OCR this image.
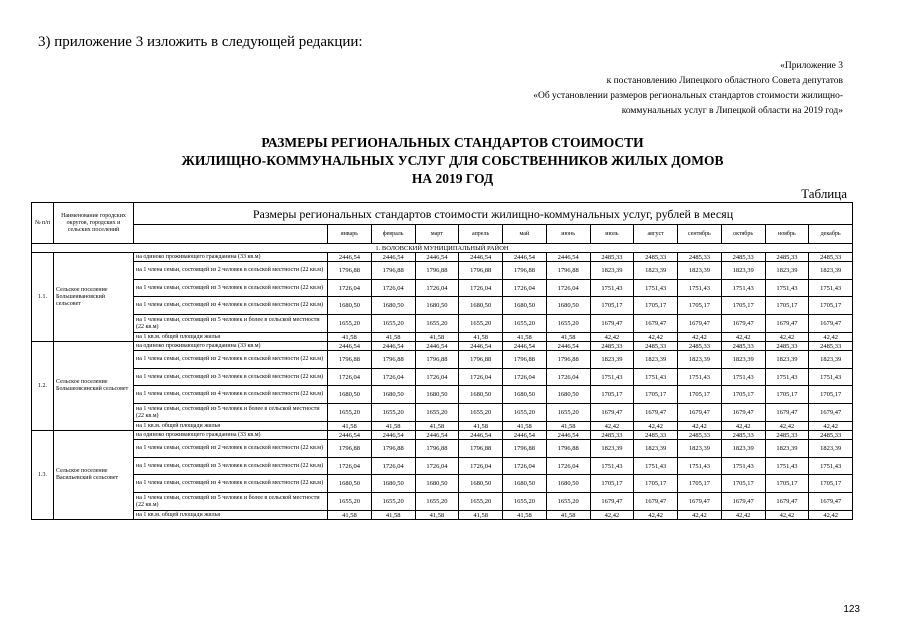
3) приложение 3 изложить в следующей редакции:
«Приложение 3
к постановлению Липецкого областного Совета депутатов
«Об установлении размеров региональных стандартов стоимости жилищно-
коммунальных услуг в Липецкой области на 2019 год»
РАЗМЕРЫ РЕГИОНАЛЬНЫХ СТАНДАРТОВ СТОИМОСТИ
ЖИЛИЩНО-КОММУНАЛЬНЫХ УСЛУГ ДЛЯ СОБСТВЕННИКОВ ЖИЛЫХ ДОМОВ
НА 2019 ГОД
Таблица
№ п/п	Наименование городских округов, городских и сельских поселений	Размеры региональных стандартов стоимости жилищно-коммунальных услуг, рублей в месяц												
			январь	февраль	март	апрель	май	июнь	июль	август	сентябрь	октябрь	ноябрь	декабрь
1. ВОЛОВСКИЙ МУНИЦИПАЛЬНЫЙ РАЙОН														
1.1.	Сельское поселение Большеивановский сельсовет	на одиноко проживающего гражданина (33 кв.м)	2446,54	2446,54	2446,54	2446,54	2446,54	2446,54	2485,33	2485,33	2485,33	2485,33	2485,33	2485,33
		на 1 члена семьи, состоящей из 2 человек в сельской местности (22 кв.м)	1796,88	1796,88	1796,88	1796,88	1796,88	1796,88	1823,39	1823,39	1823,39	1823,39	1823,39	1823,39
		на 1 члена семьи, состоящей из 3 человек в сельской местности (22 кв.м)	1726,04	1726,04	1726,04	1726,04	1726,04	1726,04	1751,43	1751,43	1751,43	1751,43	1751,43	1751,43
		на 1 члена семьи, состоящей из 4 человек в сельской местности (22 кв.м)	1680,50	1680,50	1680,50	1680,50	1680,50	1680,50	1705,17	1705,17	1705,17	1705,17	1705,17	1705,17
		на 1 члена семьи, состоящей из 5 человек и более в сельской местности (22 кв.м)	1655,20	1655,20	1655,20	1655,20	1655,20	1655,20	1679,47	1679,47	1679,47	1679,47	1679,47	1679,47
		на 1 кв.м. общей площади жилья	41,58	41,58	41,58	41,58	41,58	41,58	42,42	42,42	42,42	42,42	42,42	42,42
1.2.	Сельское поселение Большеовсянский сельсовет	на одиноко проживающего гражданина (33 кв.м)	2446,54	2446,54	2446,54	2446,54	2446,54	2446,54	2485,33	2485,33	2485,33	2485,33	2485,33	2485,33
		на 1 члена семьи, состоящей из 2 человек в сельской местности (22 кв.м)	1796,88	1796,88	1796,88	1796,88	1796,88	1796,88	1823,39	1823,39	1823,39	1823,39	1823,39	1823,39
		на 1 члена семьи, состоящей из 3 человек в сельской местности (22 кв.м)	1726,04	1726,04	1726,04	1726,04	1726,04	1726,04	1751,43	1751,43	1751,43	1751,43	1751,43	1751,43
		на 1 члена семьи, состоящей из 4 человек в сельской местности (22 кв.м)	1680,50	1680,50	1680,50	1680,50	1680,50	1680,50	1705,17	1705,17	1705,17	1705,17	1705,17	1705,17
		на 1 члена семьи, состоящей из 5 человек и более в сельской местности (22 кв.м)	1655,20	1655,20	1655,20	1655,20	1655,20	1655,20	1679,47	1679,47	1679,47	1679,47	1679,47	1679,47
		на 1 кв.м. общей площади жилья	41,58	41,58	41,58	41,58	41,58	41,58	42,42	42,42	42,42	42,42	42,42	42,42
1.3.	Сельское поселение Васильевский сельсовет	на одиноко проживающего гражданина (33 кв.м)	2446,54	2446,54	2446,54	2446,54	2446,54	2446,54	2485,33	2485,33	2485,33	2485,33	2485,33	2485,33
		на 1 члена семьи, состоящей из 2 человек в сельской местности (22 кв.м)	1796,88	1796,88	1796,88	1796,88	1796,88	1796,88	1823,39	1823,39	1823,39	1823,39	1823,39	1823,39
		на 1 члена семьи, состоящей из 3 человек в сельской местности (22 кв.м)	1726,04	1726,04	1726,04	1726,04	1726,04	1726,04	1751,43	1751,43	1751,43	1751,43	1751,43	1751,43
		на 1 члена семьи, состоящей из 4 человек в сельской местности (22 кв.м)	1680,50	1680,50	1680,50	1680,50	1680,50	1680,50	1705,17	1705,17	1705,17	1705,17	1705,17	1705,17
		на 1 члена семьи, состоящей из 5 человек и более в сельской местности (22 кв.м)	1655,20	1655,20	1655,20	1655,20	1655,20	1655,20	1679,47	1679,47	1679,47	1679,47	1679,47	1679,47
		на 1 кв.м. общей площади жилья	41,58	41,58	41,58	41,58	41,58	41,58	42,42	42,42	42,42	42,42	42,42	42,42
123
